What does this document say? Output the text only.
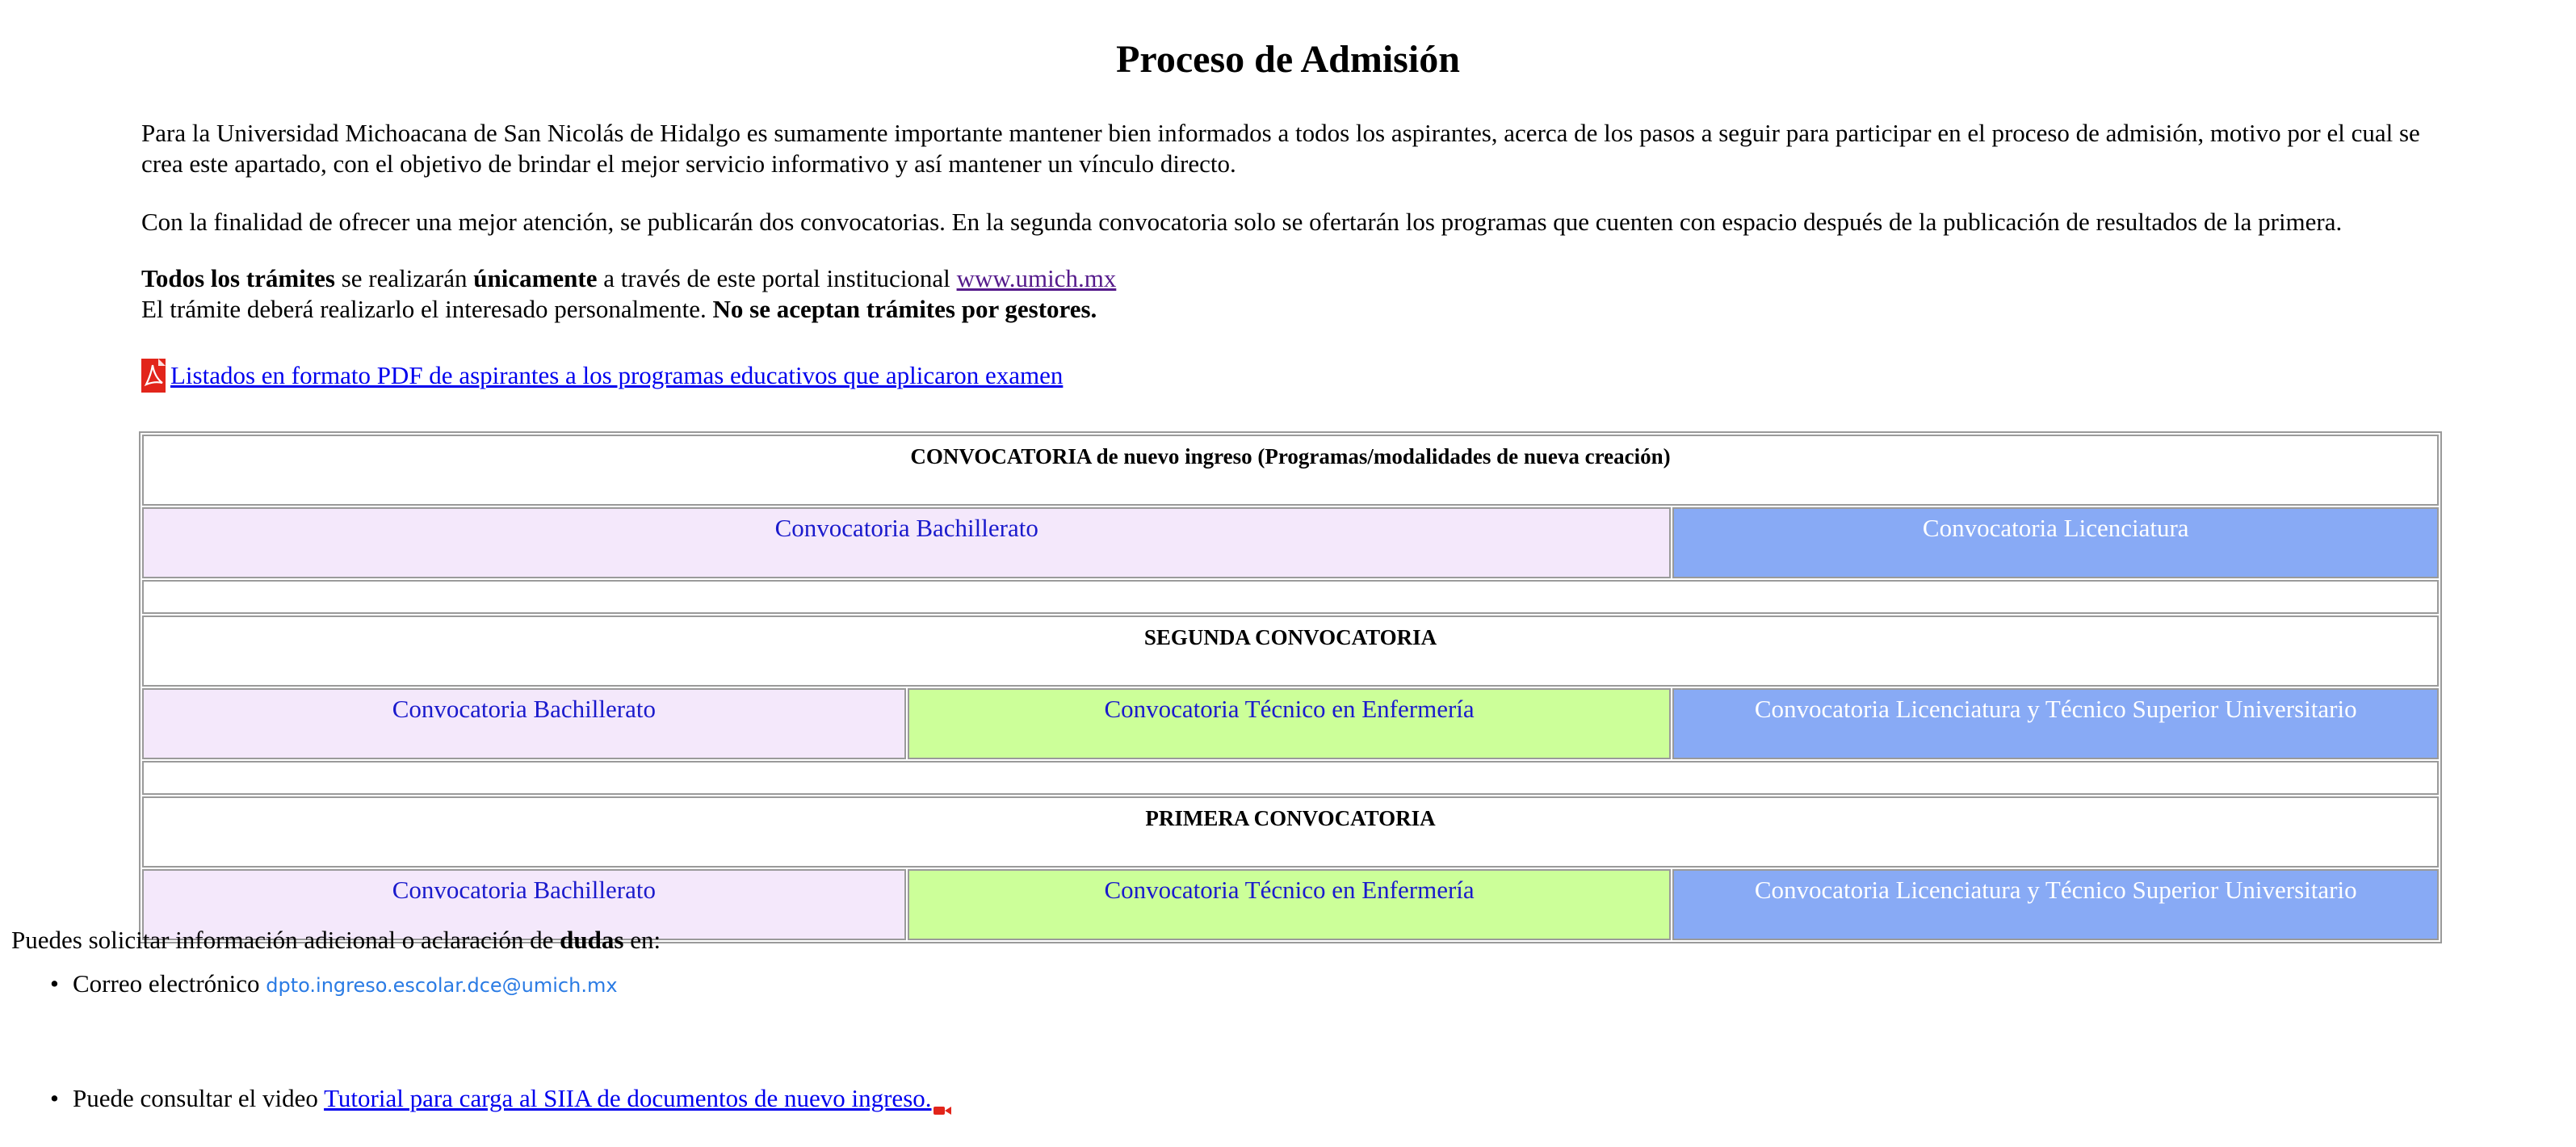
Proceso de Admisión

Para la Universidad Michoacana de San Nicolás de Hidalgo es sumamente importante mantener bien informados a todos los aspirantes, acerca de los pasos a seguir para participar en el proceso de admisión, motivo por el cual se crea este apartado, con el objetivo de brindar el mejor servicio informativo y así mantener un vínculo directo.

Con la finalidad de ofrecer una mejor atención, se publicarán dos convocatorias. En la segunda convocatoria solo se ofertarán los programas que cuenten con espacio después de la publicación de resultados de la primera.

Todos los trámites se realizarán únicamente a través de este portal institucional www.umich.mx

El trámite deberá realizarlo el interesado personalmente. No se aceptan trámites por gestores.

Listados en formato PDF de aspirantes a los programas educativos que aplicaron examen
CONVOCATORIA de nuevo ingreso (Programas/modalidades de nueva creación)		
Convocatoria Bachillerato		Convocatoria Licenciatura

SEGUNDA CONVOCATORIA		
Convocatoria Bachillerato	Convocatoria Técnico en Enfermería	Convocatoria Licenciatura y Técnico Superior Universitario

PRIMERA CONVOCATORIA		
Convocatoria Bachillerato	Convocatoria Técnico en Enfermería	Convocatoria Licenciatura y Técnico Superior Universitario

Puedes solicitar información adicional o aclaración de dudas en:

• Correo electrónico dpto.ingreso.escolar.dce@umich.mx
• Puede consultar el video Tutorial para carga al SIIA de documentos de nuevo ingreso.
